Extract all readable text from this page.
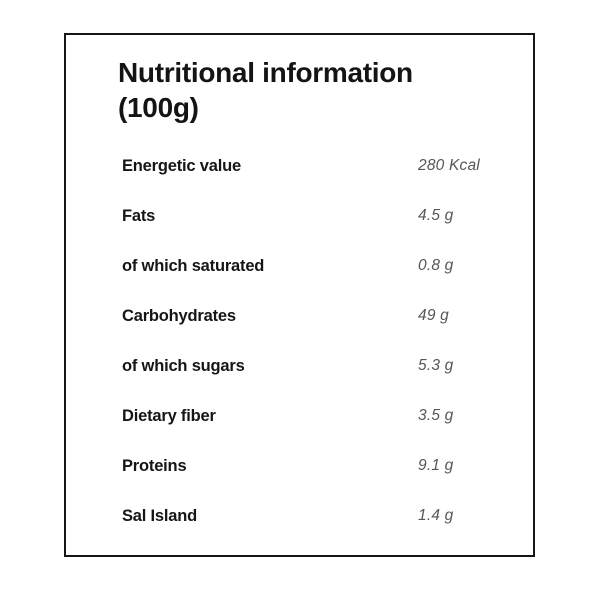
Nutritional information
(100g)
Energetic value	280 Kcal
Fats	4.5 g
of which saturated	0.8 g
Carbohydrates	49 g
of which sugars	5.3 g
Dietary fiber	3.5 g
Proteins	9.1 g
Sal Island	1.4 g
